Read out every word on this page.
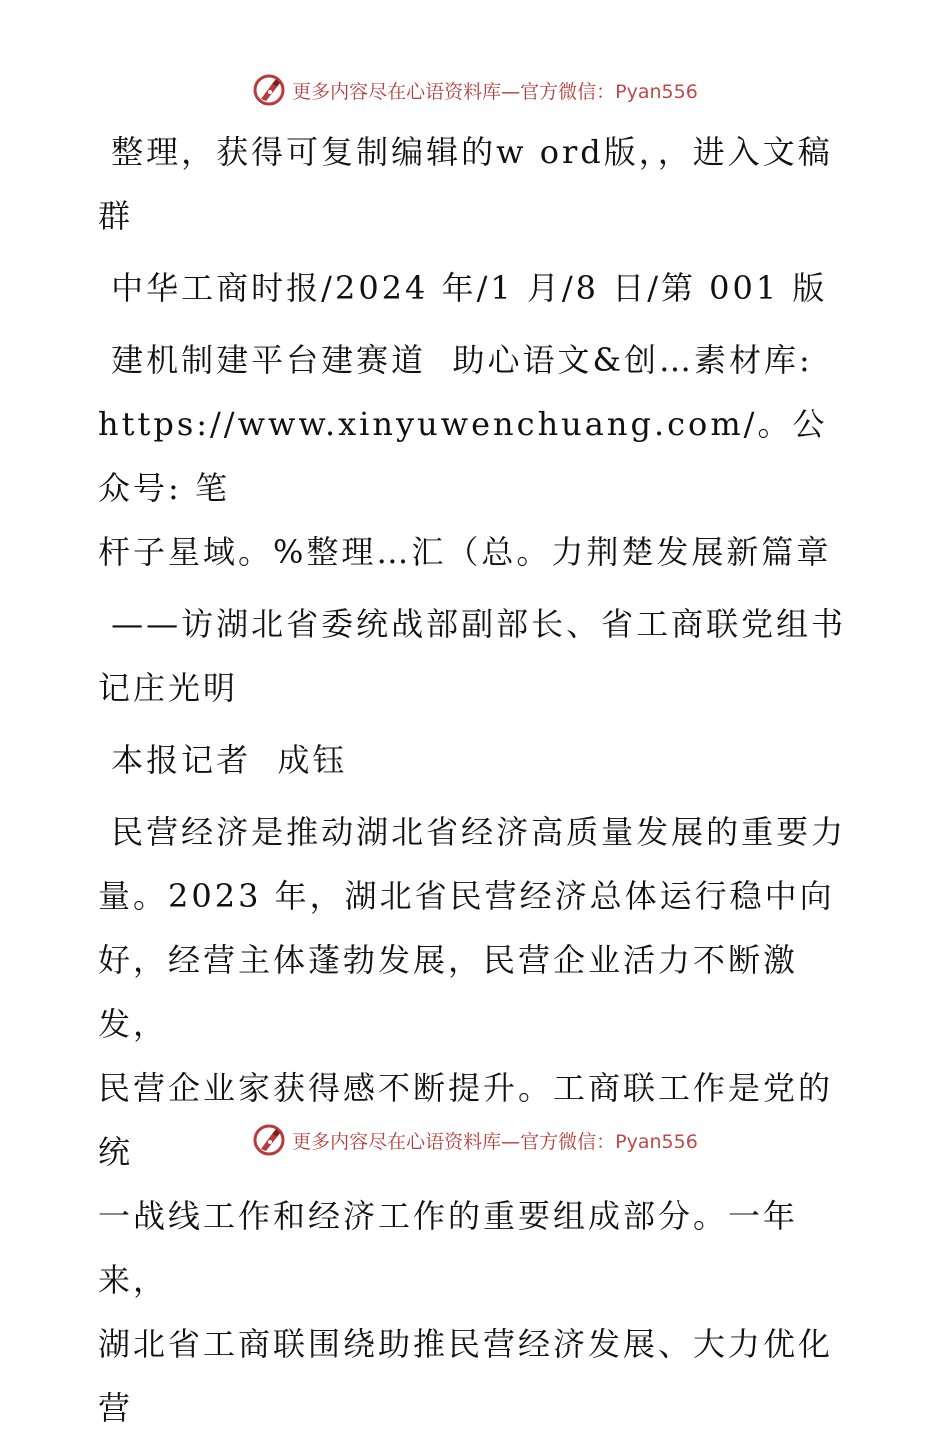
更多内容尽在心语资料库—官方微信：Pyan556

整理，获得可复制编辑的w ord版，，进入文稿

群

中华工商时报/2024 年/1 月/8 日/第 001 版

建机制建平台建赛道  助心语文&创…素材库:

https://www.xinyuwenchuang.com/。公众号: 笔

杆子星域。%整理…汇（总。力荆楚发展新篇章

——访湖北省委统战部副部长、省工商联党组书

记庄光明

本报记者  成钰

民营经济是推动湖北省经济高质量发展的重要力

量。2023 年，湖北省民营经济总体运行稳中向

好，经营主体蓬勃发展，民营企业活力不断激发，

民营企业家获得感不断提升。工商联工作是党的统

一战线工作和经济工作的重要组成部分。一年来，

湖北省工商联围绕助推民营经济发展、大力优化营

更多内容尽在心语资料库—官方微信：Pyan556
